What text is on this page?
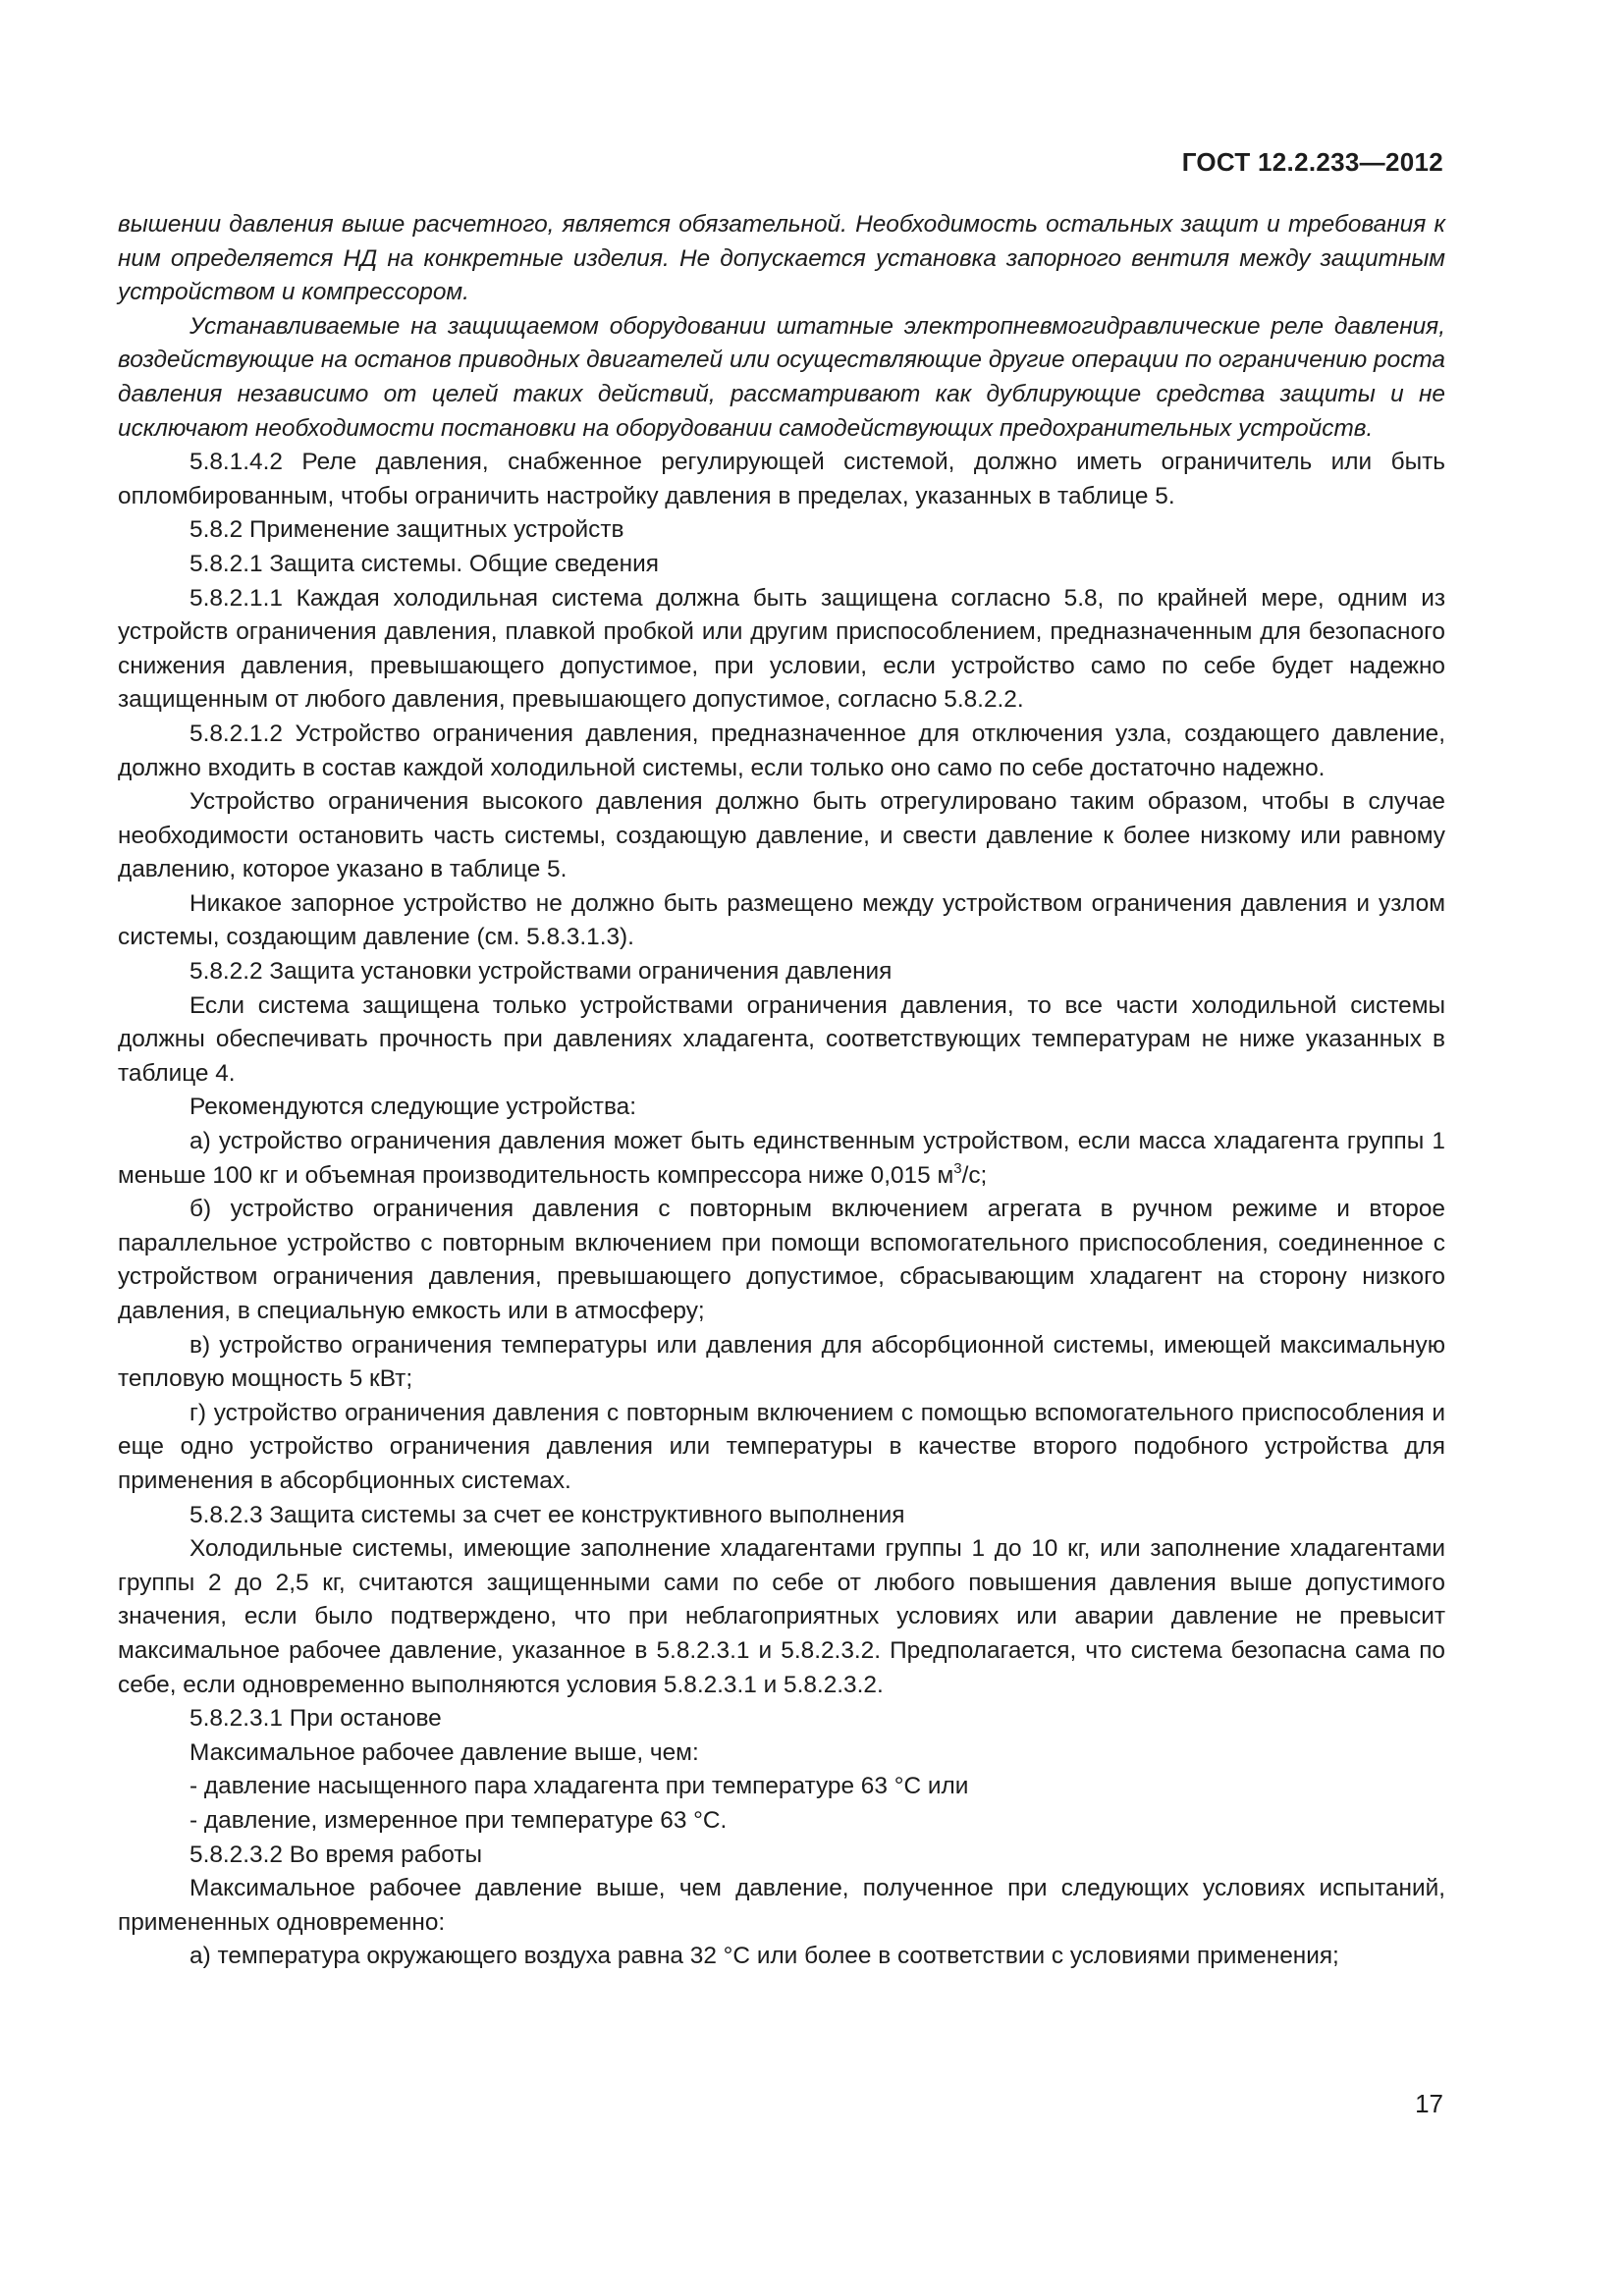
ГОСТ 12.2.233—2012

вышении давления выше расчетного, является обязательной. Необходимость остальных защит и требования к ним определяется НД на конкретные изделия. Не допускается установка запорного вентиля между защитным устройством и компрессором.

Устанавливаемые на защищаемом оборудовании штатные электропневмогидравлические реле давления, воздействующие на останов приводных двигателей или осуществляющие другие операции по ограничению роста давления независимо от целей таких действий, рассматривают как дублирующие средства защиты и не исключают необходимости постановки на оборудовании самодействующих предохранительных устройств.

5.8.1.4.2 Реле давления, снабженное регулирующей системой, должно иметь ограничитель или быть опломбированным, чтобы ограничить настройку давления в пределах, указанных в таблице 5.

5.8.2 Применение защитных устройств

5.8.2.1 Защита системы. Общие сведения

5.8.2.1.1 Каждая холодильная система должна быть защищена согласно 5.8, по крайней мере, одним из устройств ограничения давления, плавкой пробкой или другим приспособлением, предназначенным для безопасного снижения давления, превышающего допустимое, при условии, если устройство само по себе будет надежно защищенным от любого давления, превышающего допустимое, согласно 5.8.2.2.

5.8.2.1.2 Устройство ограничения давления, предназначенное для отключения узла, создающего давление, должно входить в состав каждой холодильной системы, если только оно само по себе достаточно надежно.

Устройство ограничения высокого давления должно быть отрегулировано таким образом, чтобы в случае необходимости остановить часть системы, создающую давление, и свести давление к более низкому или равному давлению, которое указано в таблице 5.

Никакое запорное устройство не должно быть размещено между устройством ограничения давления и узлом системы, создающим давление (см. 5.8.3.1.3).

5.8.2.2 Защита установки устройствами ограничения давления

Если система защищена только устройствами ограничения давления, то все части холодильной системы должны обеспечивать прочность при давлениях хладагента, соответствующих температурам не ниже указанных в таблице 4.

Рекомендуются следующие устройства:

а) устройство ограничения давления может быть единственным устройством, если масса хладагента группы 1 меньше 100 кг и объемная производительность компрессора ниже 0,015 $м^3/с$;

б) устройство ограничения давления с повторным включением агрегата в ручном режиме и второе параллельное устройство с повторным включением при помощи вспомогательного приспособления, соединенное с устройством ограничения давления, превышающего допустимое, сбрасывающим хладагент на сторону низкого давления, в специальную емкость или в атмосферу;

в) устройство ограничения температуры или давления для абсорбционной системы, имеющей максимальную тепловую мощность 5 кВт;

г) устройство ограничения давления с повторным включением с помощью вспомогательного приспособления и еще одно устройство ограничения давления или температуры в качестве второго подобного устройства для применения в абсорбционных системах.

5.8.2.3 Защита системы за счет ее конструктивного выполнения

Холодильные системы, имеющие заполнение хладагентами группы 1 до 10 кг, или заполнение хладагентами группы 2 до 2,5 кг, считаются защищенными сами по себе от любого повышения давления выше допустимого значения, если было подтверждено, что при неблагоприятных условиях или аварии давление не превысит максимальное рабочее давление, указанное в 5.8.2.3.1 и 5.8.2.3.2. Предполагается, что система безопасна сама по себе, если одновременно выполняются условия 5.8.2.3.1 и 5.8.2.3.2.

5.8.2.3.1 При останове

Максимальное рабочее давление выше, чем:

- давление насыщенного пара хладагента при температуре 63 °C или

- давление, измеренное при температуре 63 °C.

5.8.2.3.2 Во время работы

Максимальное рабочее давление выше, чем давление, полученное при следующих условиях испытаний, примененных одновременно:

а) температура окружающего воздуха равна 32 °C или более в соответствии с условиями применения;

17
